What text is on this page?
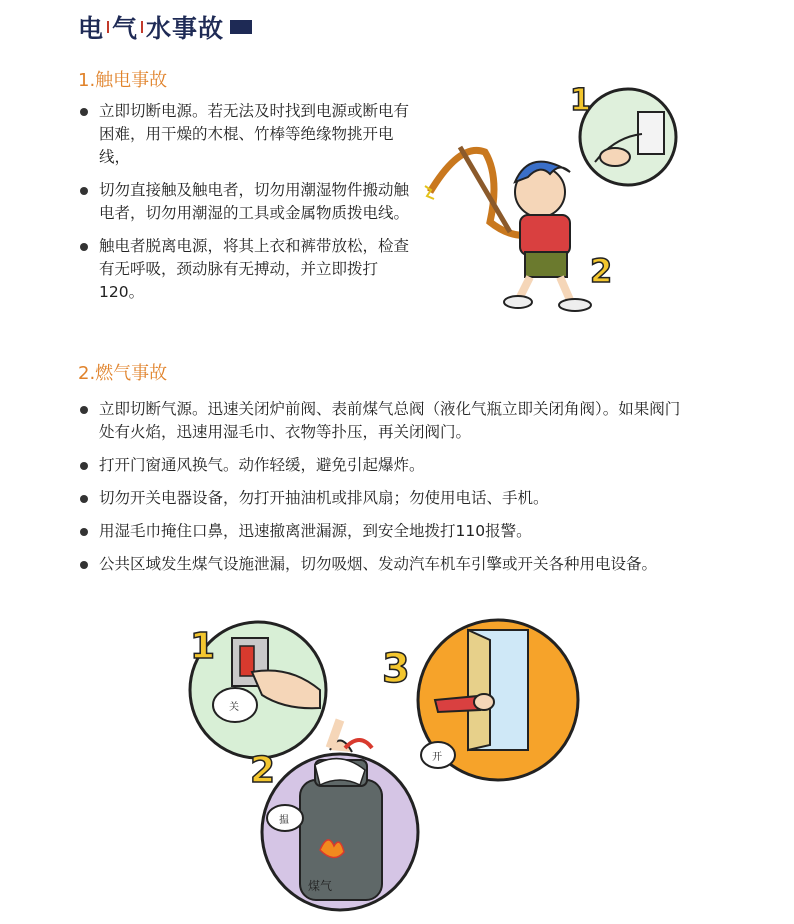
电 气 水事故
1.触电事故
立即切断电源。若无法及时找到电源或断电有困难，用干燥的木棍、竹棒等绝缘物挑开电线，
切勿直接触及触电者，切勿用潮湿物件搬动触电者，切勿用潮湿的工具或金属物质拨电线。
触电者脱离电源，将其上衣和裤带放松，检查有无呼吸，颈动脉有无搏动，并立即拨打120。
2.燃气事故
立即切断气源。迅速关闭炉前阀、表前煤气总阀（液化气瓶立即关闭角阀）。如果阀门处有火焰，迅速用湿毛巾、衣物等扑压，再关闭阀门。
打开门窗通风换气。动作轻缓，避免引起爆炸。
切勿开关电器设备，勿打开抽油机或排风扇；勿使用电话、手机。
用湿毛巾掩住口鼻，迅速撤离泄漏源，到安全地拨打110报警。
公共区域发生煤气设施泄漏，切勿吸烟、发动汽车机车引擎或开关各种用电设备。
1
2
关
1
揾
煤气
2	开
3
